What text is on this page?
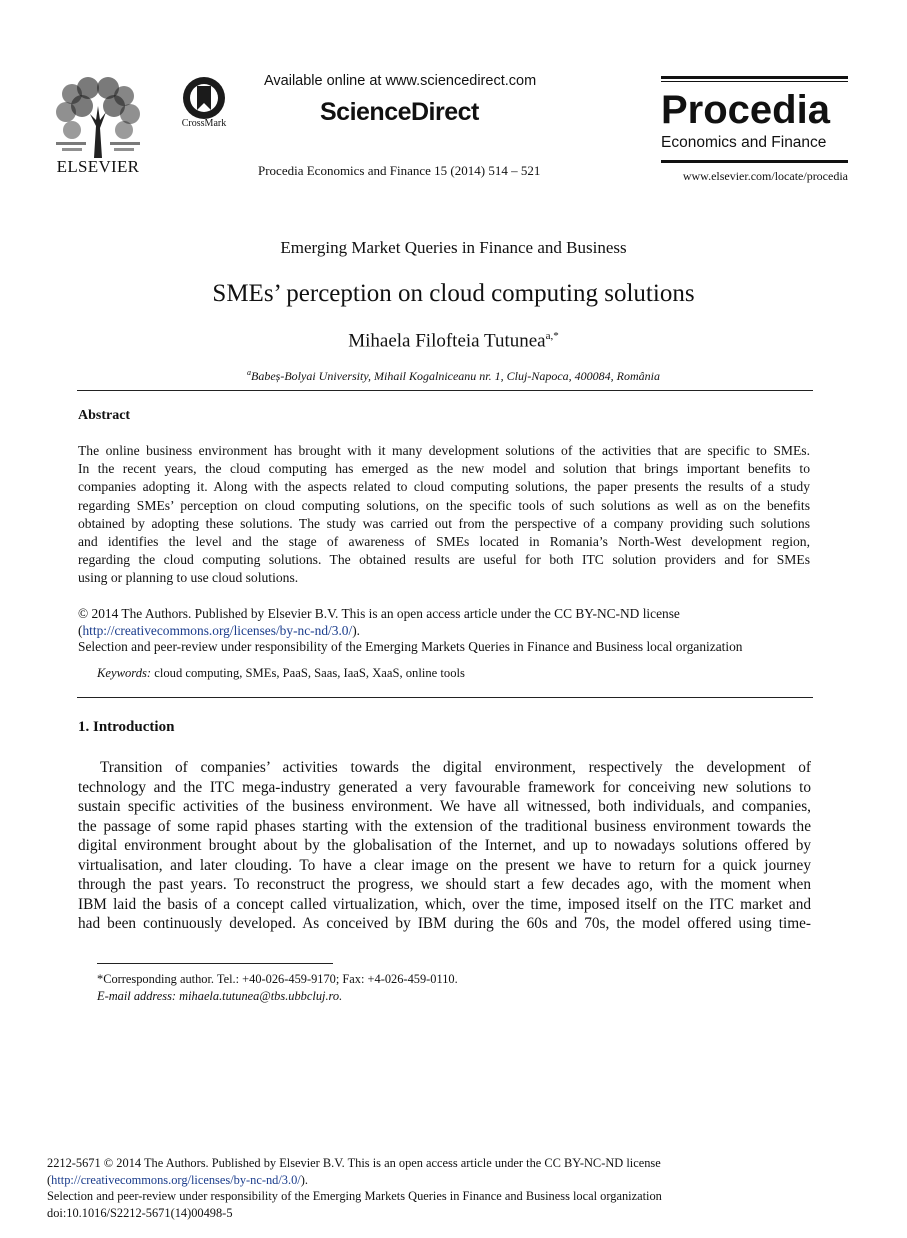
ELSEVIER
CrossMark
Available online at www.sciencedirect.com
ScienceDirect
Procedia Economics and Finance 15 (2014) 514 – 521
Procedia
Economics and Finance
www.elsevier.com/locate/procedia
Emerging Market Queries in Finance and Business
SMEs’ perception on cloud computing solutions
Mihaela Filofteia Tutunea$^{a,*}$
$^a$Babeș-Bolyai University, Mihail Kogalniceanu nr. 1, Cluj-Napoca, 400084, România
Abstract
The online business environment has brought with it many development solutions of the activities that are specific to SMEs.
In the recent years, the cloud computing has emerged as the new model and solution that brings important benefits to
companies adopting it. Along with the aspects related to cloud computing solutions, the paper presents the results of a study
regarding SMEs’ perception on cloud computing solutions, on the specific tools of such solutions as well as on the benefits
obtained by adopting these solutions. The study was carried out from the perspective of a company providing such solutions
and identifies the level and the stage of awareness of SMEs located in Romania’s North-West development region,
regarding the cloud computing solutions. The obtained results are useful for both ITC solution providers and for SMEs
using or planning to use cloud solutions.
© 2014 The Authors. Published by Elsevier B.V. This is an open access article under the CC BY-NC-ND license
(http://creativecommons.org/licenses/by-nc-nd/3.0/).
Selection and peer-review under responsibility of the Emerging Markets Queries in Finance and Business local organization
Keywords: cloud computing, SMEs, PaaS, Saas, IaaS, XaaS, online tools
1. Introduction
Transition of companies’ activities towards the digital environment, respectively the development of
technology and the ITC mega-industry generated a very favourable framework for conceiving new solutions to
sustain specific activities of the business environment. We have all witnessed, both individuals, and companies,
the passage of some rapid phases starting with the extension of the traditional business environment towards the
digital environment brought about by the globalisation of the Internet, and up to nowadays solutions offered by
virtualisation, and later clouding. To have a clear image on the present we have to return for a quick journey
through the past years. To reconstruct the progress, we should start a few decades ago, with the moment when
IBM laid the basis of a concept called virtualization, which, over the time, imposed itself on the ITC market and
had been continuously developed. As conceived by IBM during the 60s and 70s, the model offered using time-
*Corresponding author. Tel.: +40-026-459-9170; Fax: +4-026-459-0110.
E-mail address: mihaela.tutunea@tbs.ubbcluj.ro.
2212-5671 © 2014 The Authors. Published by Elsevier B.V. This is an open access article under the CC BY-NC-ND license
(http://creativecommons.org/licenses/by-nc-nd/3.0/).
Selection and peer-review under responsibility of the Emerging Markets Queries in Finance and Business local organization
doi:10.1016/S2212-5671(14)00498-5
